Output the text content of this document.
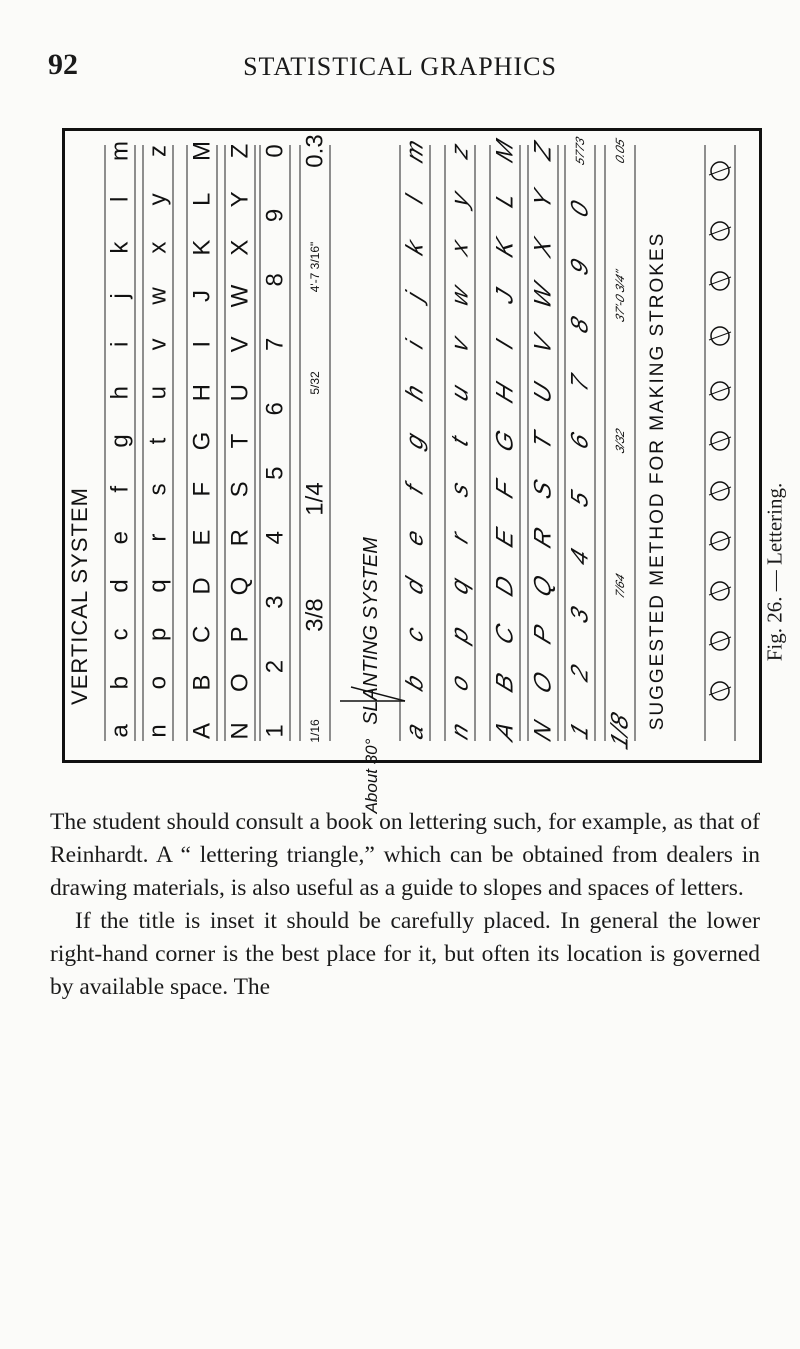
92	STATISTICAL GRAPHICS
VERTICAL SYSTEM
a
b
c
d
e
f
g
h
i
j
k
l
m
n
o
p
q
r
s
t
u
v
w
x
y
z
A
B
C
D
E
F
G
H
I
J
K
L
M
N
O
P
Q
R
S
T
U
V
W
X
Y
Z
1
2
3
4
5
6
7
8
9
0
1/16
3/8
1/4
5/32
4'-7 3/16"
0.3
SLANTING SYSTEM
About 30°
a
b
c
d
e
f
g
h
i
j
k
l
m
n
o
p
q
r
s
t
u
v
w
x
y
z
A
B
C
D
E
F
G
H
I
J
K
L
M
N
O
P
Q
R
S
T
U
V
W
X
Y
Z
1
2
3
4
5
6
7
8
9
0
5773
1/8
7/64
3/32
37'-0 3/4"
0.05
SUGGESTED METHOD FOR MAKING STROKES	Fig. 26. — Lettering.

The student should consult a book on lettering such, for example, as that of Reinhardt. A “ lettering triangle,” which can be obtained from dealers in drawing materials, is also useful as a guide to slopes and spaces of letters.

If the title is inset it should be carefully placed. In general the lower right-hand corner is the best place for it, but often its location is governed by available space. The
